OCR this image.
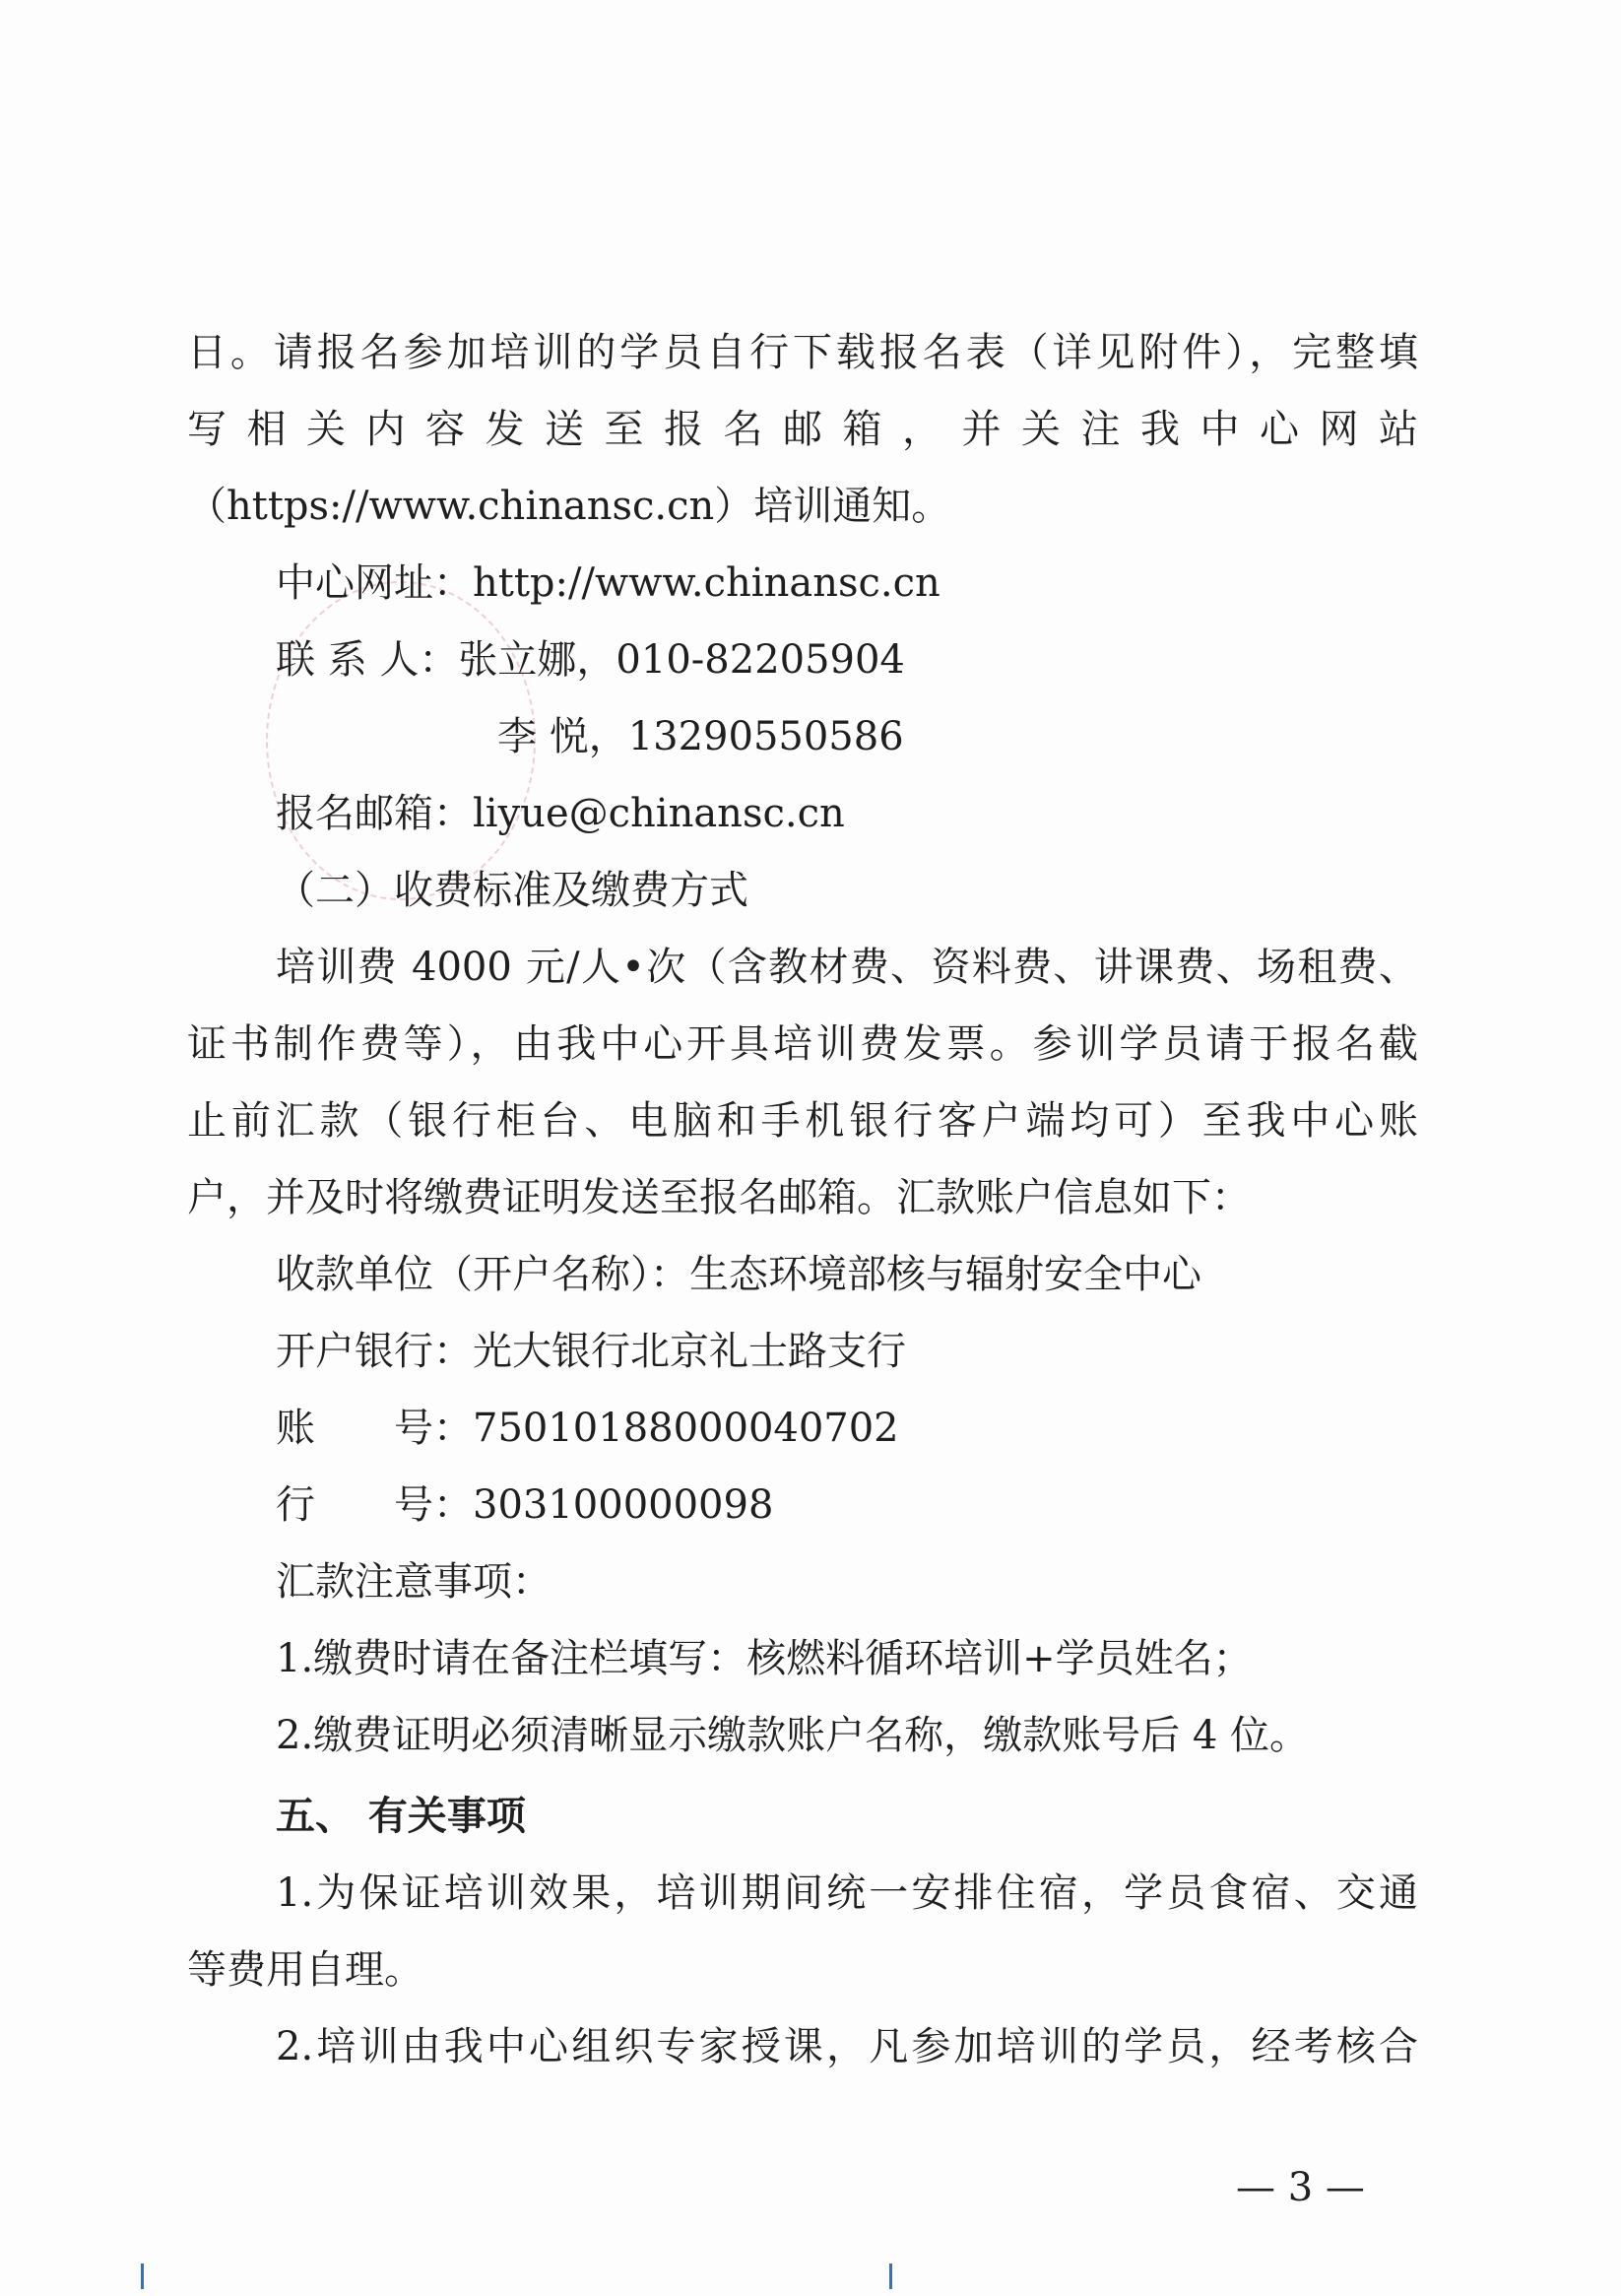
日。请报名参加培训的学员自行下载报名表（详见附件），完整填
写相关内容发送至报名邮箱，并关注我中心网站
（https://www.chinansc.cn）培训通知。
中心网址：http://www.chinansc.cn
联 系 人：张立娜，010-82205904
李 悦，13290550586
报名邮箱：liyue@chinansc.cn
（二）收费标准及缴费方式
培训费 4000 元/人•次（含教材费、资料费、讲课费、场租费、
证书制作费等），由我中心开具培训费发票。参训学员请于报名截
止前汇款（银行柜台、电脑和手机银行客户端均可）至我中心账
户，并及时将缴费证明发送至报名邮箱。汇款账户信息如下：
收款单位（开户名称）：生态环境部核与辐射安全中心
开户银行：光大银行北京礼士路支行
账　　号：75010188000040702
行　　号：303100000098
汇款注意事项：
1.缴费时请在备注栏填写：核燃料循环培训+学员姓名；
2.缴费证明必须清晰显示缴款账户名称，缴款账号后 4 位。
五、 有关事项
1.为保证培训效果，培训期间统一安排住宿，学员食宿、交通
等费用自理。
2.培训由我中心组织专家授课，凡参加培训的学员，经考核合
— 3 —
